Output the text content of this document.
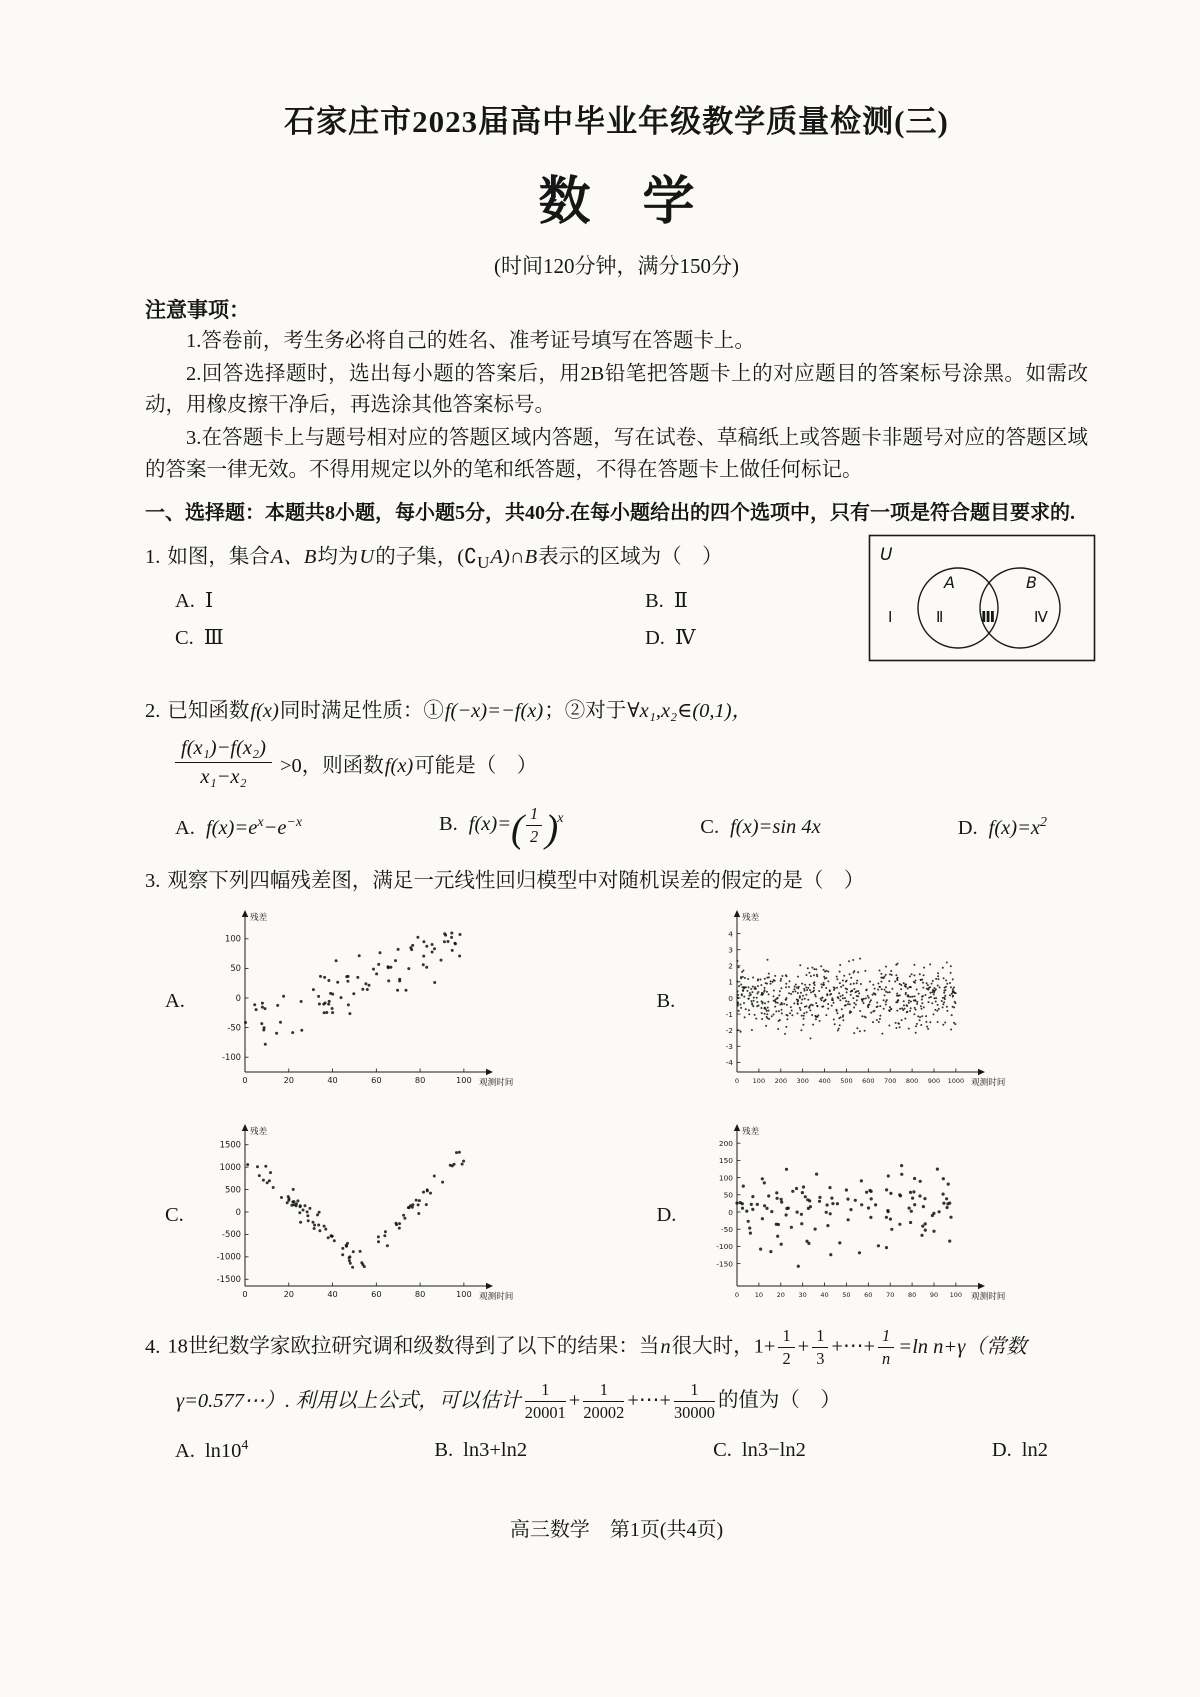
石家庄市2023届高中毕业年级教学质量检测(三)
数　学

(时间120分钟，满分150分)

注意事项：

1.答卷前，考生务必将自己的姓名、准考证号填写在答题卡上。

2.回答选择题时，选出每小题的答案后，用2B铅笔把答题卡上的对应题目的答案标号涂黑。如需改动，用橡皮擦干净后，再选涂其他答案标号。

3.在答题卡上与题号相对应的答题区域内答题，写在试卷、草稿纸上或答题卡非题号对应的答题区域的答案一律无效。不得用规定以外的笔和纸答题，不得在答题卡上做任何标记。

一、选择题：本题共8小题，每小题5分，共40分.在每小题给出的四个选项中，只有一项是符合题目要求的.

1. 如图，集合A、B均为U的子集，$(∁_UA)\cap B$表示的区域为（　）

A. Ⅰ	B. Ⅱ
C. Ⅲ	D. Ⅳ
U
A	B
Ⅰ	Ⅱ	Ⅲ	Ⅳ

2. 已知函数f(x)同时满足性质：①f(−x)=−f(x)；②对于∀x₁,x₂∈(0,1)，

$\frac{\text{f(x₁)−f(x₂)}}{\text{x₁−x₂}} >0$，则函数f(x)可能是（　）
A. $f(x)=e^x-e^{-x}$	B. $f(x)=( \frac{1}{2} )^x$	C. f(x)=sin 4x	D. $f(x)=x^2$

3. 观察下列四幅残差图，满足一元线性回归模型中对随机误差的假定的是（　）

A.
100
50
0
-50
-100
0	20	40	60	80	100
残差
观测时间
B.
4
3
2
1
0
-1
-2
-3
-4
0 100 200 300 400 500 600 700 800 900 1000
残差
观测时间
C.
1500
1000
500
0
-500
-1000
-1500
0	20	40	60	80	100
残差
观测时间
D.
200
150
100
50
0
-50
-100
-150
0 10 20 30 40 50 60 70 80 90 100
残差
观测时间

4. 18世纪数学家欧拉研究调和级数得到了以下的结果：当n很大时，$1+ \frac{1}{2} + \frac{1}{3}$ +⋯+ $\frac{1}{n} =\ln$ n+γ（常数

γ=0.577⋯）. 利用以上公式，可以估计 $\frac{1}{20001} + \frac{1}{20002}$ +⋯+ $\frac{1}{30000}$ 的值为（　）

A. $\ln 10^4$	B. ln3+ln2	C. ln3−ln2	D. ln2

高三数学　第1页(共4页)
